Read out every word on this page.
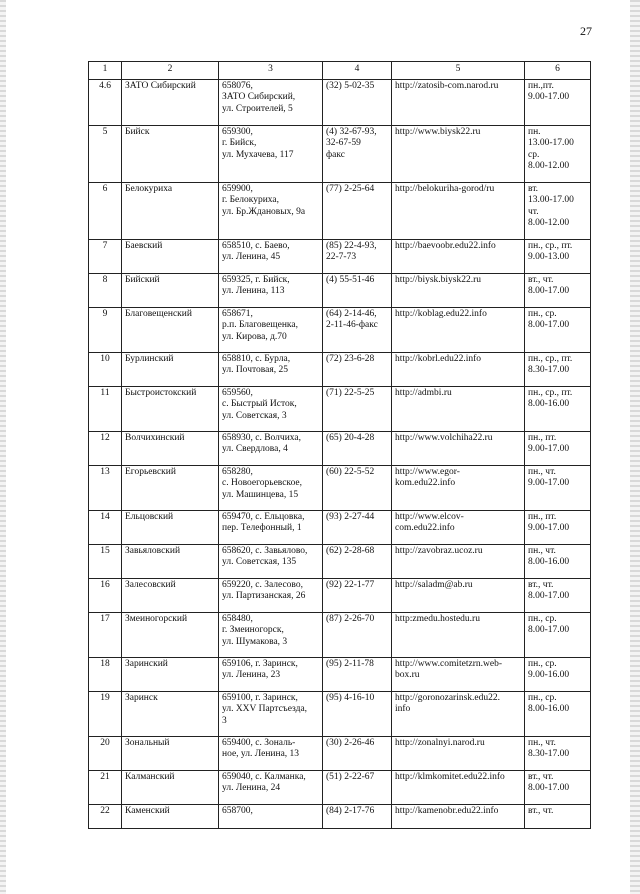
27
1	2	3	4	5	6
4.6	ЗАТО Сибирский	658076,
ЗАТО Сибирский,
ул. Строителей, 5	(32) 5-02-35	http://zatosib-com.narod.ru	пн.,пт.
9.00-17.00
5	Бийск	659300,
г. Бийск,
ул. Мухачева, 117	(4) 32-67-93,
32-67-59
факс	http://www.biysk22.ru	пн.
13.00-17.00
ср.
8.00-12.00
6	Белокуриха	659900,
г. Белокуриха,
ул. Бр.Ждановых, 9а	(77) 2-25-64	http://belokuriha-gorod/ru	вт.
13.00-17.00
чт.
8.00-12.00
7	Баевский	658510, с. Баево,
ул. Ленина, 45	(85) 22-4-93,
22-7-73	http://baevoobr.edu22.info	пн., ср., пт.
9.00-13.00
8	Бийский	659325, г. Бийск,
ул. Ленина, 113	(4) 55-51-46	http://biysk.biysk22.ru	вт., чт.
8.00-17.00
9	Благовещенский	658671,
р.п. Благовещенка,
ул. Кирова, д.70	(64) 2-14-46,
2-11-46-факс	http://koblag.edu22.info	пн., ср.
8.00-17.00
10	Бурлинский	658810, с. Бурла,
ул. Почтовая, 25	(72) 23-6-28	http://kobrl.edu22.info	пн., ср., пт.
8.30-17.00
11	Быстроистокский	659560,
с. Быстрый Исток,
ул. Советская, 3	(71) 22-5-25	http://admbi.ru	пн., ср., пт.
8.00-16.00
12	Волчихинский	658930, с. Волчиха,
ул. Свердлова, 4	(65) 20-4-28	http://www.volchiha22.ru	пн., пт.
9.00-17.00
13	Егорьевский	658280,
с. Новоегорьевское,
ул. Машинцева, 15	(60) 22-5-52	http://www.egor-
kom.edu22.info	пн., чт.
9.00-17.00
14	Ельцовский	659470, с. Ельцовка,
пер. Телефонный, 1	(93) 2-27-44	http://www.elcov-
com.edu22.info	пн., пт.
9.00-17.00
15	Завьяловский	658620, с. Завьялово,
ул. Советская, 135	(62) 2-28-68	http://zavobraz.ucoz.ru	пн., чт.
8.00-16.00
16	Залесовский	659220, с. Залесово,
ул. Партизанская, 26	(92) 22-1-77	http://saladm@ab.ru	вт., чт.
8.00-17.00
17	Змеиногорский	658480,
г. Змеиногорск,
ул. Шумакова, 3	(87) 2-26-70	http:zmedu.hostedu.ru	пн., ср.
8.00-17.00
18	Заринский	659106, г. Заринск,
ул. Ленина, 23	(95) 2-11-78	http://www.comitetzrn.web-
box.ru	пн., ср.
9.00-16.00
19	Заринск	659100, г. Заринск,
ул. XXV Партсъезда,
3	(95) 4-16-10	http://goronozarinsk.edu22.
info	пн., ср.
8.00-16.00
20	Зональный	659400, с. Зональ-
ное, ул. Ленина, 13	(30) 2-26-46	http://zonalnyi.narod.ru	пн., чт.
8.30-17.00
21	Калманский	659040, с. Калманка,
ул. Ленина, 24	(51) 2-22-67	http://klmkomitet.edu22.info	вт., чт.
8.00-17.00
22	Каменский	658700,	(84) 2-17-76	http://kamenobr.edu22.info	вт., чт.
